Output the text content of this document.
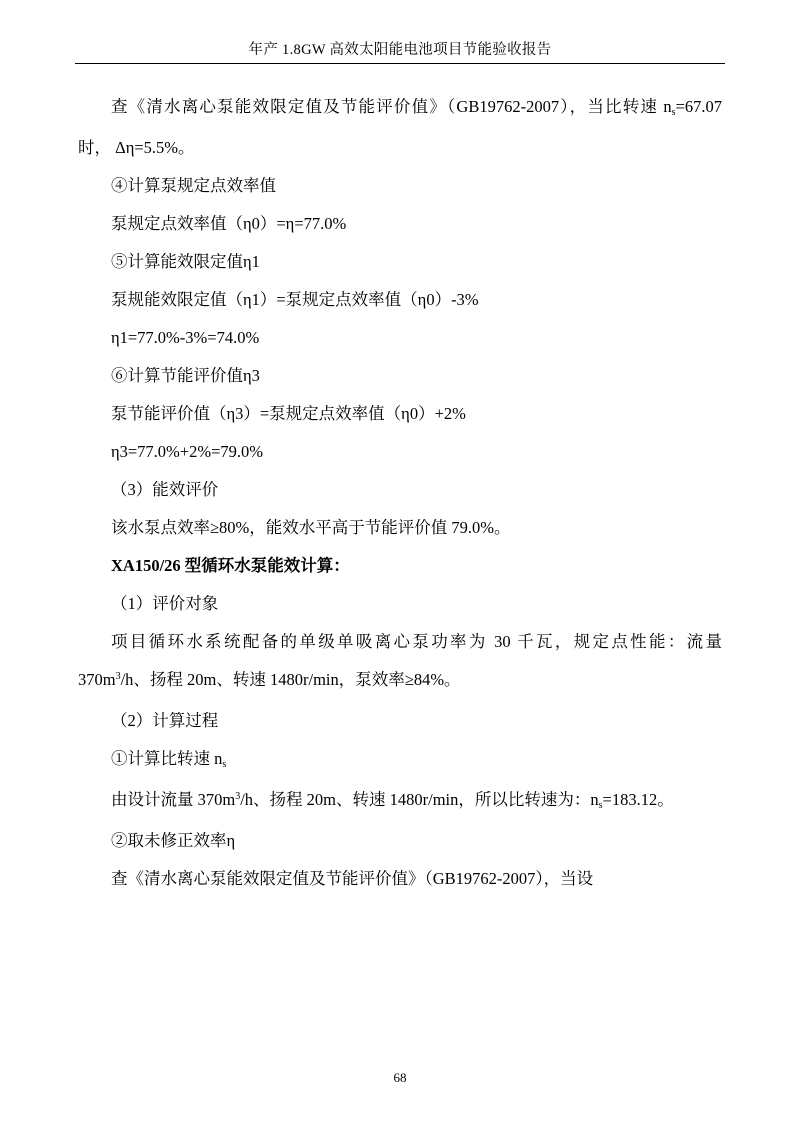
年产 1.8GW 高效太阳能电池项目节能验收报告

查《清水离心泵能效限定值及节能评价值》（GB19762-2007），当比转速 $n_s=67.07$ 时， Δη=5.5%。

④计算泵规定点效率值

泵规定点效率值（η0）=η=77.0%

⑤计算能效限定值η1

泵规能效限定值（η1）=泵规定点效率值（η0）-3%

η1=77.0%-3%=74.0%

⑥计算节能评价值η3

泵节能评价值（η3）=泵规定点效率值（η0）+2%

η3=77.0%+2%=79.0%

（3）能效评价

该水泵点效率≥80%，能效水平高于节能评价值 79.0%。

XA150/26 型循环水泵能效计算：

（1）评价对象

项目循环水系统配备的单级单吸离心泵功率为 30 千瓦，规定点性能：流量 $370m^3/h$、扬程 20m、转速 1480r/min，泵效率≥84%。

（2）计算过程

①计算比转速 $n_s$

由设计流量 $370m^3/h$、扬程 20m、转速 1480r/min，所以比转速为：$n_s=183.12$。

②取未修正效率η

查《清水离心泵能效限定值及节能评价值》（GB19762-2007），当设

68
